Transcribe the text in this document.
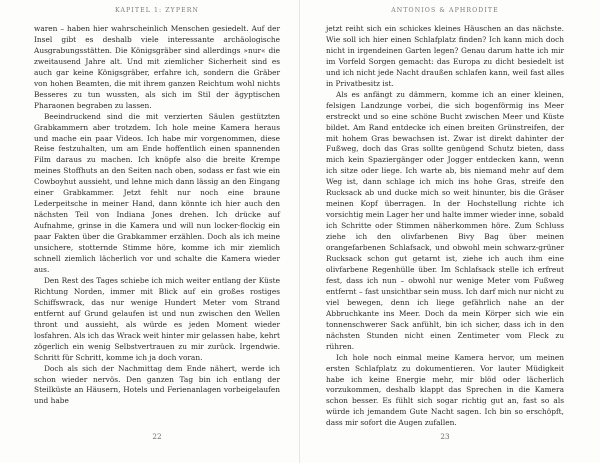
KAPITEL 1: ZYPERN

waren – haben hier wahrscheinlich Menschen gesiedelt. Auf der Insel gibt es deshalb viele interessante archäologische Ausgrabungsstätten. Die Königsgräber sind allerdings »nur« die zweitausend Jahre alt. Und mit ziemlicher Sicherheit sind es auch gar keine Königsgräber, erfahre ich, sondern die Gräber von hohen Beamten, die mit ihrem ganzen Reichtum wohl nichts Besseres zu tun wussten, als sich im Stil der ägyptischen Pharaonen begraben zu lassen.

Beeindruckend sind die mit verzierten Säulen gestützten Grabkammern aber trotzdem. Ich hole meine Kamera heraus und mache ein paar Videos. Ich habe mir vorgenommen, diese Reise festzuhalten, um am Ende hoffentlich einen spannenden Film daraus zu machen. Ich knöpfe also die breite Krempe meines Stoffhuts an den Seiten nach oben, sodass er fast wie ein Cowboyhut aussieht, und lehne mich dann lässig an den Eingang einer Grabkammer. Jetzt fehlt nur noch eine braune Lederpeitsche in meiner Hand, dann könnte ich hier auch den nächsten Teil von Indiana Jones drehen. Ich drücke auf Aufnahme, grinse in die Kamera und will nun locker-flockig ein paar Fakten über die Grabkammer erzählen. Doch als ich meine unsichere, stotternde Stimme höre, komme ich mir ziemlich schnell ziemlich lächerlich vor und schalte die Kamera wieder aus.

Den Rest des Tages schiebe ich mich weiter entlang der Küste Richtung Norden, immer mit Blick auf ein großes rostiges Schiffswrack, das nur wenige Hundert Meter vom Strand entfernt auf Grund gelaufen ist und nun zwischen den Wellen thront und aussieht, als würde es jeden Moment wieder losfahren. Als ich das Wrack weit hinter mir gelassen habe, kehrt zögerlich ein wenig Selbstvertrauen zu mir zurück. Irgendwie. Schritt für Schritt, komme ich ja doch voran.

Doch als sich der Nachmittag dem Ende nähert, werde ich schon wieder nervös. Den ganzen Tag bin ich entlang der Steilküste an Häusern, Hotels und Ferienanlagen vorbeigelaufen und habe

22
ANTONIOS & APHRODITE

jetzt reiht sich ein schickes kleines Häuschen an das nächste. Wie soll ich hier einen Schlafplatz finden? Ich kann mich doch nicht in irgendeinen Garten legen? Genau darum hatte ich mir im Vorfeld Sorgen gemacht: das Europa zu dicht besiedelt ist und ich nicht jede Nacht draußen schlafen kann, weil fast alles in Privatbesitz ist.

Als es anfängt zu dämmern, komme ich an einer kleinen, felsigen Landzunge vorbei, die sich bogenförmig ins Meer erstreckt und so eine schöne Bucht zwischen Meer und Küste bildet. Am Rand entdecke ich einen breiten Grünstreifen, der mit hohem Gras bewachsen ist. Zwar ist direkt dahinter der Fußweg, doch das Gras sollte genügend Schutz bieten, dass mich kein Spaziergänger oder Jogger entdecken kann, wenn ich sitze oder liege. Ich warte ab, bis niemand mehr auf dem Weg ist, dann schlage ich mich ins hohe Gras, streife den Rucksack ab und ducke mich so weit hinunter, bis die Gräser meinen Kopf überragen. In der Hochstellung richte ich vorsichtig mein Lager her und halte immer wieder inne, sobald ich Schritte oder Stimmen näherkommen höre. Zum Schluss ziehe ich den olivfarbenen Bivy Bag über meinen orangefarbenen Schlafsack, und obwohl mein schwarz-grüner Rucksack schon gut getarnt ist, ziehe ich auch ihm eine olivfarbene Regenhülle über. Im Schlafsack stelle ich erfreut fest, dass ich nun – obwohl nur wenige Meter vom Fußweg entfernt – fast unsichtbar sein muss. Ich darf mich nur nicht zu viel bewegen, denn ich liege gefährlich nahe an der Abbruchkante ins Meer. Doch da mein Körper sich wie ein tonnenschwerer Sack anfühlt, bin ich sicher, dass ich in den nächsten Stunden nicht einen Zentimeter vom Fleck zu rühren.

Ich hole noch einmal meine Kamera hervor, um meinen ersten Schlafplatz zu dokumentieren. Vor lauter Müdigkeit habe ich keine Energie mehr, mir blöd oder lächerlich vorzukommen, deshalb klappt das Sprechen in die Kamera schon besser. Es fühlt sich sogar richtig gut an, fast so als würde ich jemandem Gute Nacht sagen. Ich bin so erschöpft, dass mir sofort die Augen zufallen.

23
